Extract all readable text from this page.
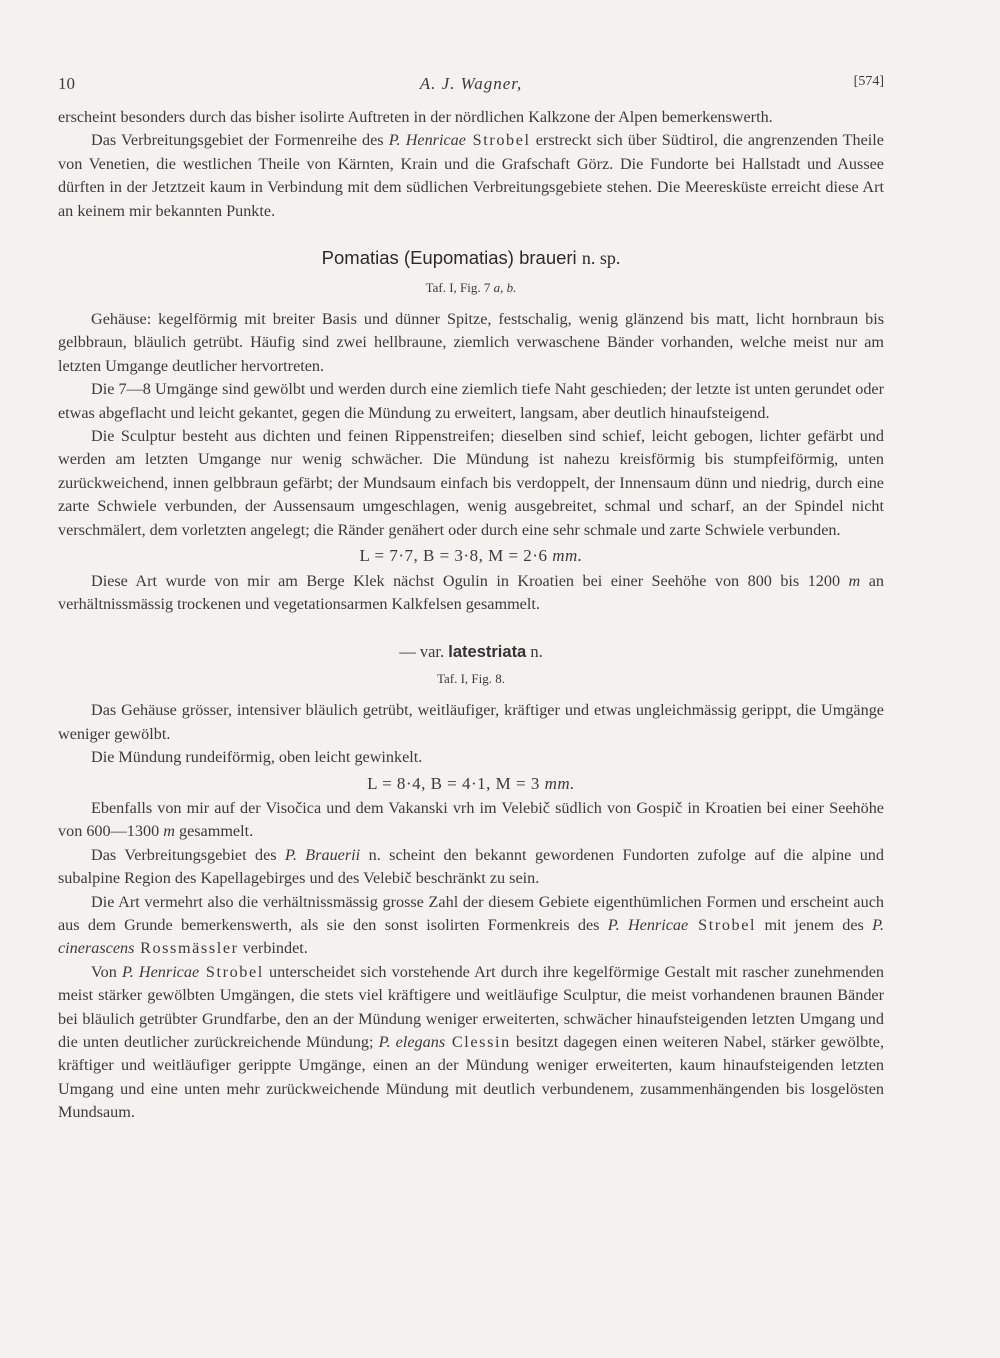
10	A. J. Wagner,	[574]

erscheint besonders durch das bisher isolirte Auftreten in der nördlichen Kalkzone der Alpen bemerkenswerth.

Das Verbreitungsgebiet der Formenreihe des P. Henricae Strobel erstreckt sich über Südtirol, die angrenzenden Theile von Venetien, die westlichen Theile von Kärnten, Krain und die Grafschaft Görz. Die Fundorte bei Hallstadt und Aussee dürften in der Jetztzeit kaum in Verbindung mit dem südlichen Verbreitungsgebiete stehen. Die Meeresküste erreicht diese Art an keinem mir bekannten Punkte.

Pomatias (Eupomatias) braueri n. sp.
Taf. I, Fig. 7 a, b.

Gehäuse: kegelförmig mit breiter Basis und dünner Spitze, festschalig, wenig glänzend bis matt, licht hornbraun bis gelbbraun, bläulich getrübt. Häufig sind zwei hellbraune, ziemlich verwaschene Bänder vorhanden, welche meist nur am letzten Umgange deutlicher hervortreten.

Die 7—8 Umgänge sind gewölbt und werden durch eine ziemlich tiefe Naht geschieden; der letzte ist unten gerundet oder etwas abgeflacht und leicht gekantet, gegen die Mündung zu erweitert, langsam, aber deutlich hinaufsteigend.

Die Sculptur besteht aus dichten und feinen Rippenstreifen; dieselben sind schief, leicht gebogen, lichter gefärbt und werden am letzten Umgange nur wenig schwächer. Die Mündung ist nahezu kreisförmig bis stumpfeiförmig, unten zurückweichend, innen gelbbraun gefärbt; der Mundsaum einfach bis verdoppelt, der Innensaum dünn und niedrig, durch eine zarte Schwiele verbunden, der Aussensaum umgeschlagen, wenig ausgebreitet, schmal und scharf, an der Spindel nicht verschmälert, dem vorletzten angelegt; die Ränder genähert oder durch eine sehr schmale und zarte Schwiele verbunden.

L = 7·7, B = 3·8, M = 2·6 mm.

Diese Art wurde von mir am Berge Klek nächst Ogulin in Kroatien bei einer Seehöhe von 800 bis 1200 m an verhältnissmässig trockenen und vegetationsarmen Kalkfelsen gesammelt.

— var. latestriata n.
Taf. I, Fig. 8.

Das Gehäuse grösser, intensiver bläulich getrübt, weitläufiger, kräftiger und etwas ungleichmässig gerippt, die Umgänge weniger gewölbt.

Die Mündung rundeiförmig, oben leicht gewinkelt.

L = 8·4, B = 4·1, M = 3 mm.

Ebenfalls von mir auf der Visočica und dem Vakanski vrh im Velebič südlich von Gospič in Kroatien bei einer Seehöhe von 600—1300 m gesammelt.

Das Verbreitungsgebiet des P. Brauerii n. scheint den bekannt gewordenen Fundorten zufolge auf die alpine und subalpine Region des Kapellagebirges und des Velebič beschränkt zu sein.

Die Art vermehrt also die verhältnissmässig grosse Zahl der diesem Gebiete eigenthümlichen Formen und erscheint auch aus dem Grunde bemerkenswerth, als sie den sonst isolirten Formenkreis des P. Henricae Strobel mit jenem des P. cinerascens Rossmässler verbindet.

Von P. Henricae Strobel unterscheidet sich vorstehende Art durch ihre kegelförmige Gestalt mit rascher zunehmenden meist stärker gewölbten Umgängen, die stets viel kräftigere und weitläufige Sculptur, die meist vorhandenen braunen Bänder bei bläulich getrübter Grundfarbe, den an der Mündung weniger erweiterten, schwächer hinaufsteigenden letzten Umgang und die unten deutlicher zurückreichende Mündung; P. elegans Clessin besitzt dagegen einen weiteren Nabel, stärker gewölbte, kräftiger und weitläufiger gerippte Umgänge, einen an der Mündung weniger erweiterten, kaum hinaufsteigenden letzten Umgang und eine unten mehr zurückweichende Mündung mit deutlich verbundenem, zusammenhängenden bis losgelösten Mundsaum.
